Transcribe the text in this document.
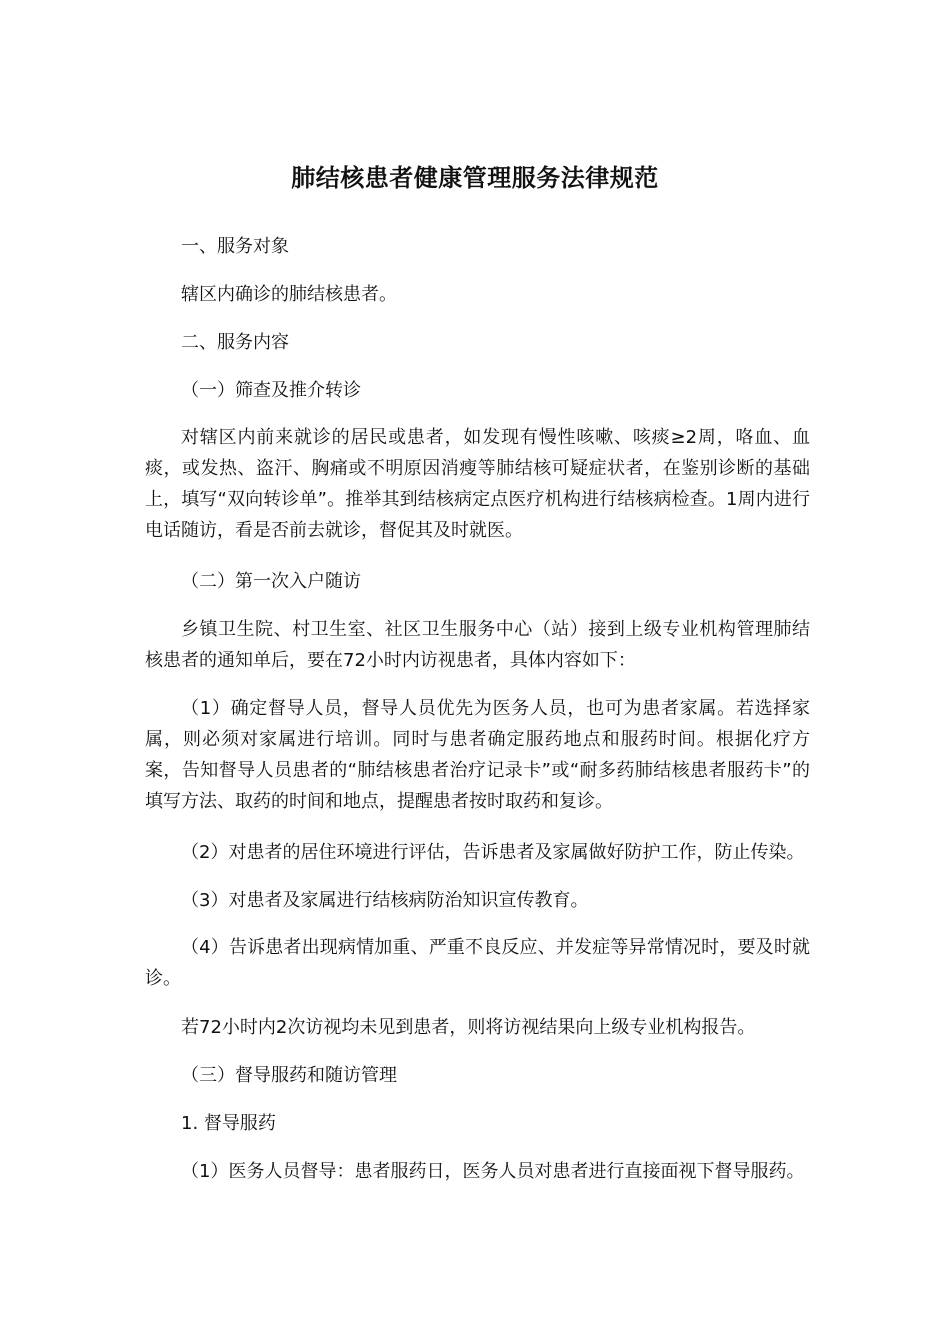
肺结核患者健康管理服务法律规范
一、服务对象
辖区内确诊的肺结核患者。
二、服务内容
（一）筛查及推介转诊
对辖区内前来就诊的居民或患者，如发现有慢性咳嗽、咳痰≥2周，咯血、血痰，或发热、盗汗、胸痛或不明原因消瘦等肺结核可疑症状者，在鉴别诊断的基础上，填写“双向转诊单”。推举其到结核病定点医疗机构进行结核病检查。1周内进行电话随访，看是否前去就诊，督促其及时就医。
（二）第一次入户随访
乡镇卫生院、村卫生室、社区卫生服务中心（站）接到上级专业机构管理肺结核患者的通知单后，要在72小时内访视患者，具体内容如下：
（1）确定督导人员，督导人员优先为医务人员，也可为患者家属。若选择家属，则必须对家属进行培训。同时与患者确定服药地点和服药时间。根据化疗方案，告知督导人员患者的“肺结核患者治疗记录卡”或“耐多药肺结核患者服药卡”的填写方法、取药的时间和地点，提醒患者按时取药和复诊。
（2）对患者的居住环境进行评估，告诉患者及家属做好防护工作，防止传染。
（3）对患者及家属进行结核病防治知识宣传教育。
（4）告诉患者出现病情加重、严重不良反应、并发症等异常情况时，要及时就诊。
若72小时内2次访视均未见到患者，则将访视结果向上级专业机构报告。
（三）督导服药和随访管理
1. 督导服药
（1）医务人员督导：患者服药日，医务人员对患者进行直接面视下督导服药。
